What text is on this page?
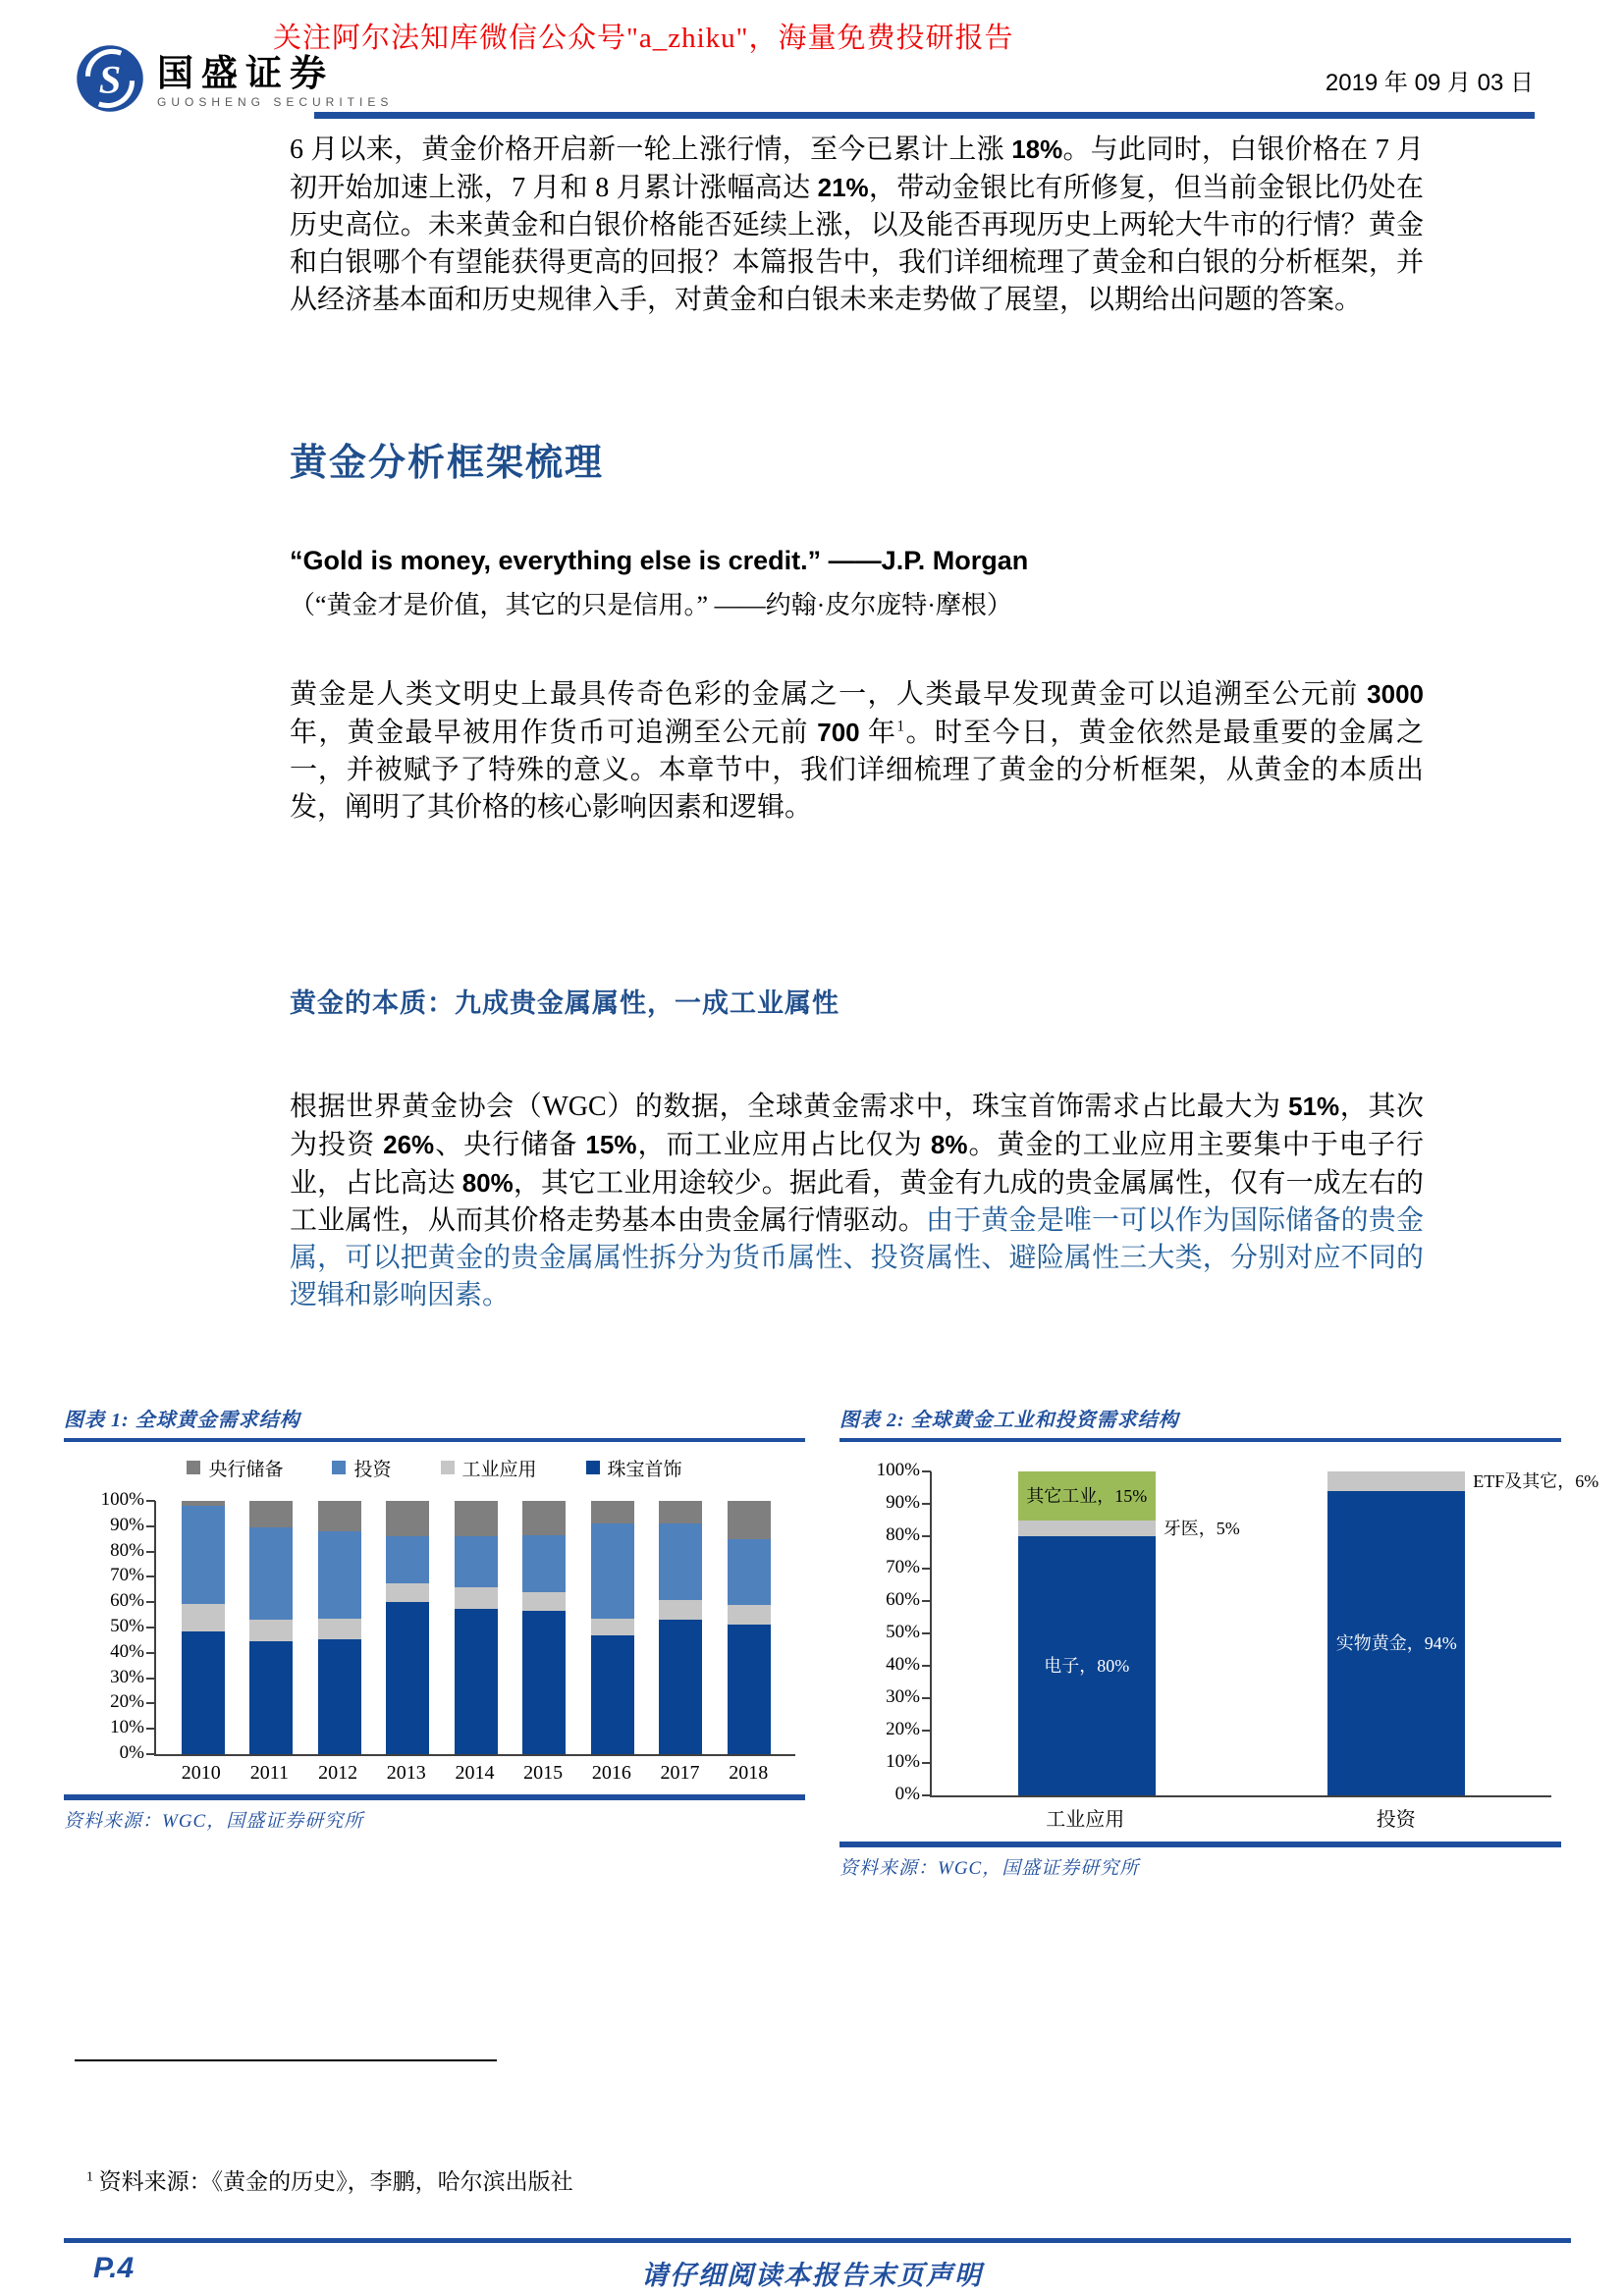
关注阿尔法知库微信公众号"a_zhiku"，海量免费投研报告
S 国盛证券
GUOSHENG SECURITIES
2019 年 09 月 03 日
6 月以来，黄金价格开启新一轮上涨行情，至今已累计上涨 18%。与此同时，白银价格在 7 月初开始加速上涨，7 月和 8 月累计涨幅高达 21%，带动金银比有所修复，但当前金银比仍处在历史高位。未来黄金和白银价格能否延续上涨，以及能否再现历史上两轮大牛市的行情？黄金和白银哪个有望能获得更高的回报？本篇报告中，我们详细梳理了黄金和白银的分析框架，并从经济基本面和历史规律入手，对黄金和白银未来走势做了展望，以期给出问题的答案。
黄金分析框架梳理
“Gold is money, everything else is credit.” ——J.P. Morgan
（“黄金才是价值，其它的只是信用。” ——约翰·皮尔庞特·摩根）
黄金是人类文明史上最具传奇色彩的金属之一，人类最早发现黄金可以追溯至公元前 3000 年，黄金最早被用作货币可追溯至公元前 700 年$^1$。时至今日，黄金依然是最重要的金属之一，并被赋予了特殊的意义。本章节中，我们详细梳理了黄金的分析框架，从黄金的本质出发，阐明了其价格的核心影响因素和逻辑。
黄金的本质：九成贵金属属性，一成工业属性
根据世界黄金协会（WGC）的数据，全球黄金需求中，珠宝首饰需求占比最大为 51%，其次为投资 26%、央行储备 15%，而工业应用占比仅为 8%。黄金的工业应用主要集中于电子行业，占比高达 80%，其它工业用途较少。据此看，黄金有九成的贵金属属性，仅有一成左右的工业属性，从而其价格走势基本由贵金属行情驱动。由于黄金是唯一可以作为国际储备的贵金属，可以把黄金的贵金属属性拆分为货币属性、投资属性、避险属性三大类，分别对应不同的逻辑和影响因素。
图表 1: 全球黄金需求结构
央行储备	投资	工业应用	珠宝首饰
0%
10%
20%
30%
40%
50%
60%
70%
80%
90%
100%
2010 2011 2012 2013 2014 2015 2016 2017 2018
资料来源：WGC，国盛证券研究所
图表 2: 全球黄金工业和投资需求结构
牙医，5%
电子，80%
其它工业，15%
ETF及其它，6%
实物黄金，94%
0%
10%
20%
30%
40%
50%
60%
70%
80%
90%
100%
工业应用	投资
资料来源：WGC，国盛证券研究所
$^1$ 资料来源：《黄金的历史》，李鹏，哈尔滨出版社
P.4	请仔细阅读本报告末页声明
